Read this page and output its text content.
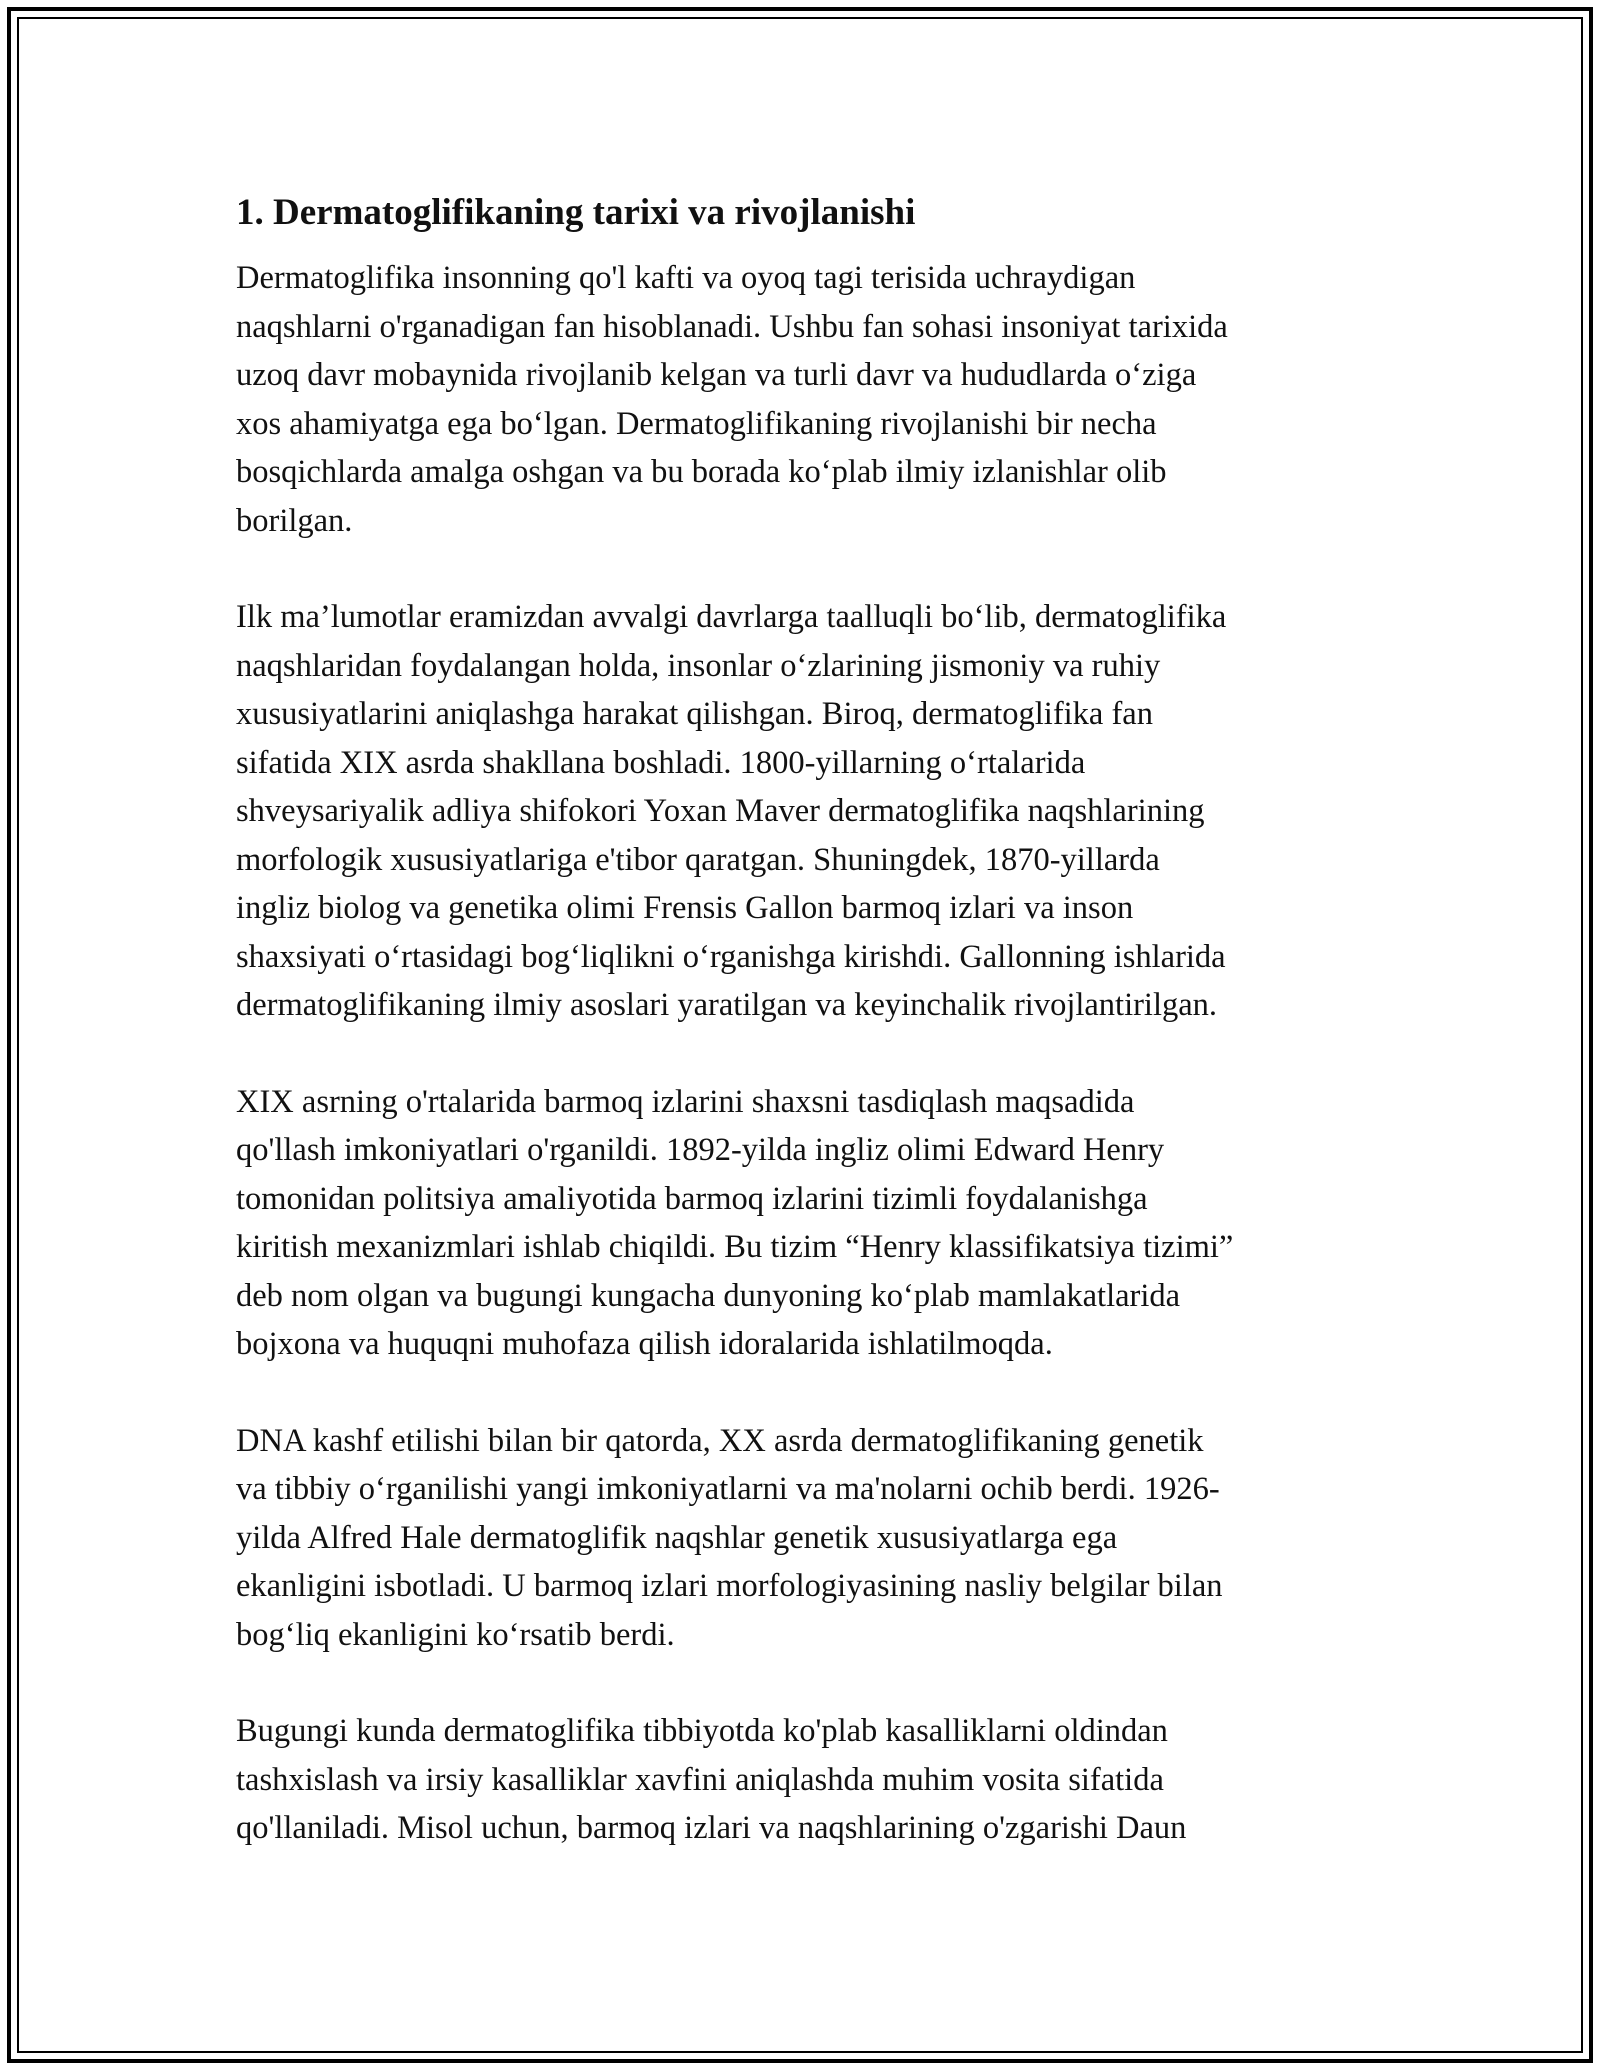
1. Dermatoglifikaning tarixi va rivojlanishi

Dermatoglifika insonning qo'l kafti va oyoq tagi terisida uchraydigan
naqshlarni o'rganadigan fan hisoblanadi. Ushbu fan sohasi insoniyat tarixida
uzoq davr mobaynida rivojlanib kelgan va turli davr va hududlarda o‘ziga
xos ahamiyatga ega bo‘lgan. Dermatoglifikaning rivojlanishi bir necha
bosqichlarda amalga oshgan va bu borada ko‘plab ilmiy izlanishlar olib
borilgan.

Ilk ma’lumotlar eramizdan avvalgi davrlarga taalluqli bo‘lib, dermatoglifika
naqshlaridan foydalangan holda, insonlar o‘zlarining jismoniy va ruhiy
xususiyatlarini aniqlashga harakat qilishgan. Biroq, dermatoglifika fan
sifatida XIX asrda shakllana boshladi. 1800-yillarning o‘rtalarida
shveysariyalik adliya shifokori Yoxan Maver dermatoglifika naqshlarining
morfologik xususiyatlariga e'tibor qaratgan. Shuningdek, 1870-yillarda
ingliz biolog va genetika olimi Frensis Gallon barmoq izlari va inson
shaxsiyati o‘rtasidagi bog‘liqlikni o‘rganishga kirishdi. Gallonning ishlarida
dermatoglifikaning ilmiy asoslari yaratilgan va keyinchalik rivojlantirilgan.

XIX asrning o'rtalarida barmoq izlarini shaxsni tasdiqlash maqsadida
qo'llash imkoniyatlari o'rganildi. 1892-yilda ingliz olimi Edward Henry
tomonidan politsiya amaliyotida barmoq izlarini tizimli foydalanishga
kiritish mexanizmlari ishlab chiqildi. Bu tizim “Henry klassifikatsiya tizimi”
deb nom olgan va bugungi kungacha dunyoning ko‘plab mamlakatlarida
bojxona va huquqni muhofaza qilish idoralarida ishlatilmoqda.

DNA kashf etilishi bilan bir qatorda, XX asrda dermatoglifikaning genetik
va tibbiy o‘rganilishi yangi imkoniyatlarni va ma'nolarni ochib berdi. 1926-
yilda Alfred Hale dermatoglifik naqshlar genetik xususiyatlarga ega
ekanligini isbotladi. U barmoq izlari morfologiyasining nasliy belgilar bilan
bog‘liq ekanligini ko‘rsatib berdi.

Bugungi kunda dermatoglifika tibbiyotda ko'plab kasalliklarni oldindan
tashxislash va irsiy kasalliklar xavfini aniqlashda muhim vosita sifatida
qo'llaniladi. Misol uchun, barmoq izlari va naqshlarining o'zgarishi Daun
